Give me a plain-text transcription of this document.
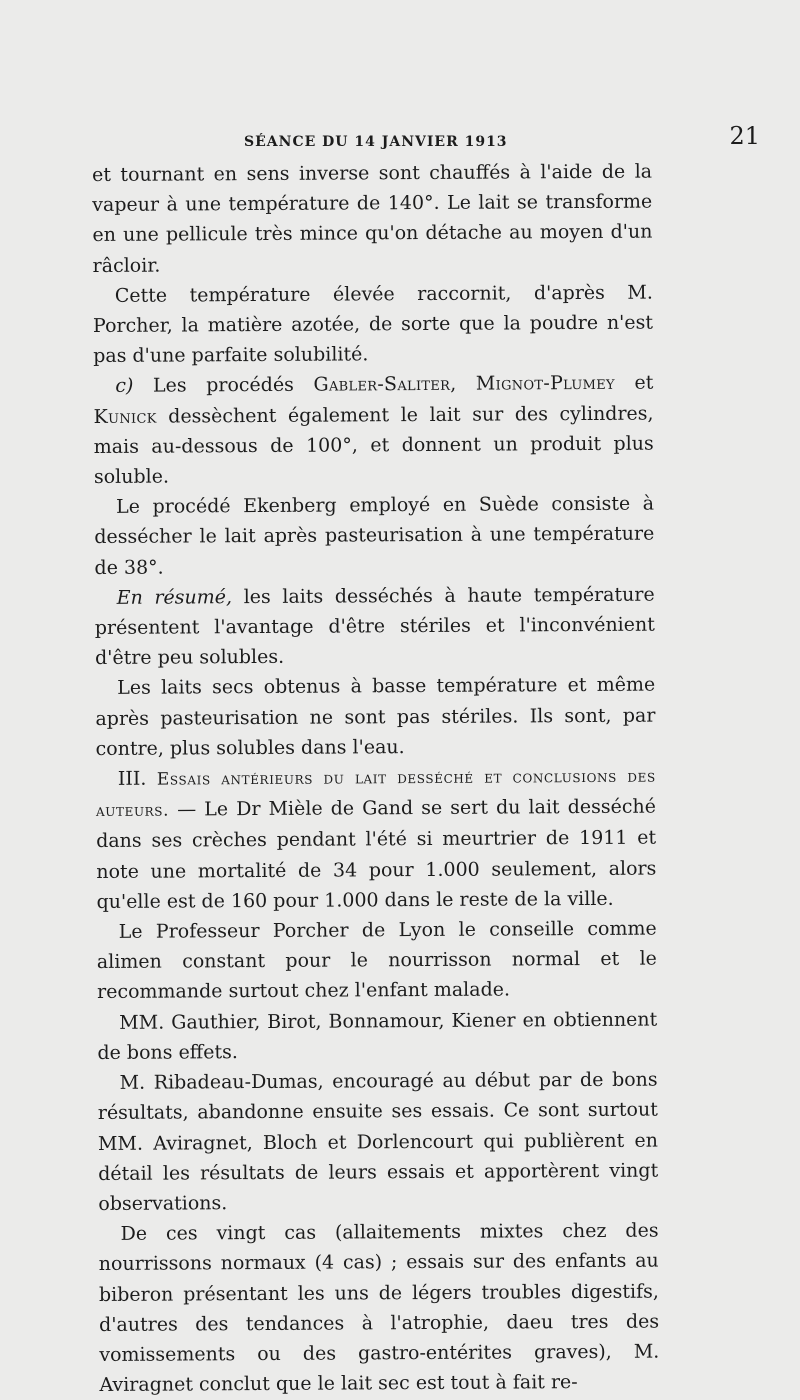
SÉANCE DU 14 JANVIER 1913	21

et tournant en sens inverse sont chauffés à l'aide de la vapeur à une température de 140°. Le lait se transforme en une pellicule très mince qu'on détache au moyen d'un râcloir.

Cette température élevée raccornit, d'après M. Porcher, la matière azotée, de sorte que la poudre n'est pas d'une parfaite solubilité.

c) Les procédés Gabler-Saliter, Mignot-Plumey et Kunick dessèchent également le lait sur des cylindres, mais au-dessous de 100°, et donnent un produit plus soluble.

Le procédé Ekenberg employé en Suède consiste à dessécher le lait après pasteurisation à une température de 38°.

En résumé, les laits desséchés à haute température présentent l'avantage d'être stériles et l'inconvénient d'être peu solubles.

Les laits secs obtenus à basse température et même après pasteurisation ne sont pas stériles. Ils sont, par contre, plus solubles dans l'eau.

III. Essais antérieurs du lait desséché et conclusions des auteurs. — Le Dr Mièle de Gand se sert du lait desséché dans ses crèches pendant l'été si meurtrier de 1911 et note une mortalité de 34 pour 1.000 seulement, alors qu'elle est de 160 pour 1.000 dans le reste de la ville.

Le Professeur Porcher de Lyon le conseille comme alimen constant pour le nourrisson normal et le recommande surtout chez l'enfant malade.

MM. Gauthier, Birot, Bonnamour, Kiener en obtiennent de bons effets.

M. Ribadeau-Dumas, encouragé au début par de bons résultats, abandonne ensuite ses essais. Ce sont surtout MM. Aviragnet, Bloch et Dorlencourt qui publièrent en détail les résultats de leurs essais et apportèrent vingt observations.

De ces vingt cas (allaitements mixtes chez des nourrissons normaux (4 cas) ; essais sur des enfants au biberon présentant les uns de légers troubles digestifs, d'autres des tendances à l'atrophie, daeu tres des vomissements ou des gastro-entérites graves), M. Aviragnet conclut que le lait sec est tout à fait re-
